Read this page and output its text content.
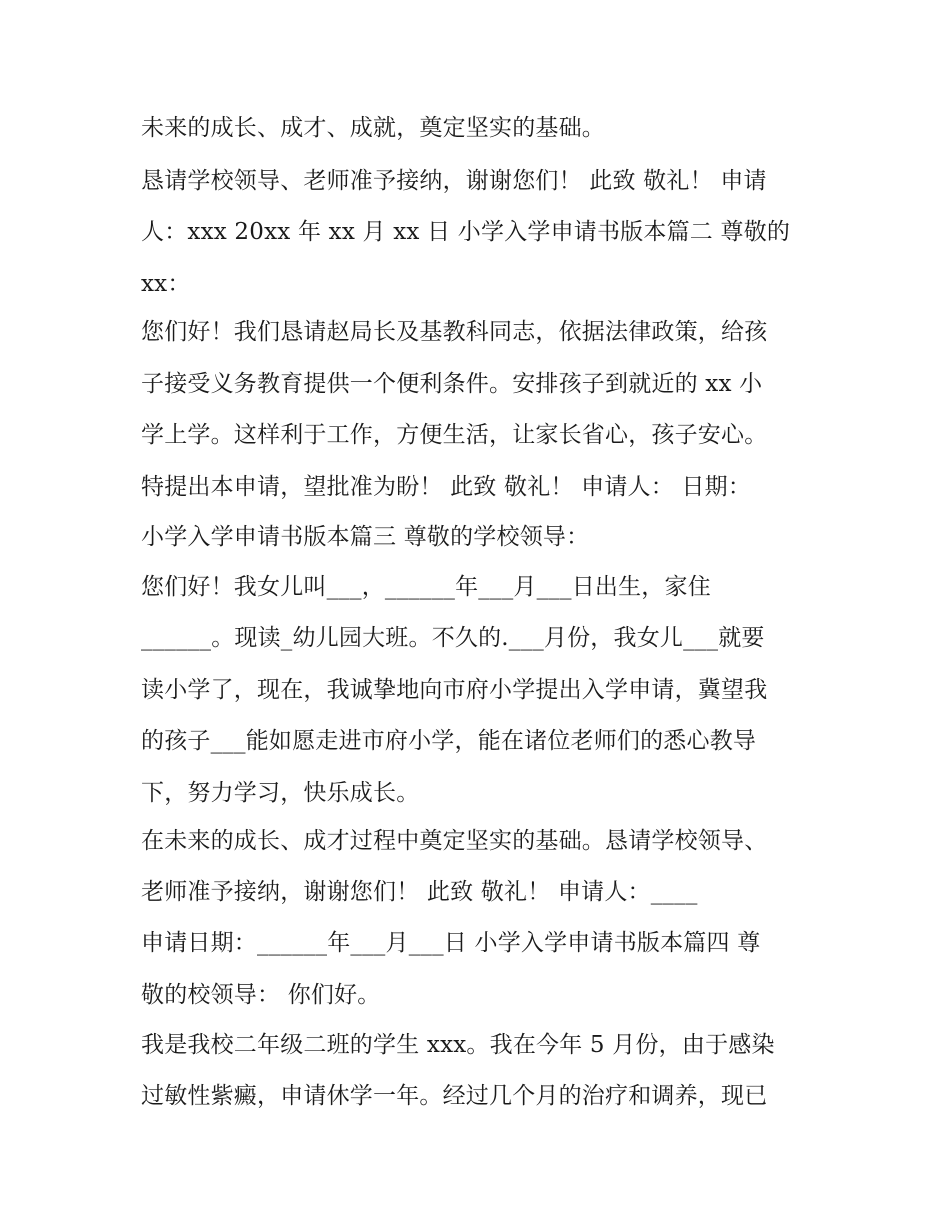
未来的成长、成才、成就，奠定坚实的基础。
恳请学校领导、老师准予接纳，谢谢您们！ 此致 敬礼！ 申请
人：xxx 20xx 年 xx 月 xx 日 小学入学申请书版本篇二 尊敬的
xx：
您们好！我们恳请赵局长及基教科同志，依据法律政策，给孩
子接受义务教育提供一个便利条件。安排孩子到就近的 xx 小
学上学。这样利于工作，方便生活，让家长省心，孩子安心。
特提出本申请，望批准为盼！ 此致 敬礼！ 申请人： 日期：
小学入学申请书版本篇三 尊敬的学校领导：
您们好！我女儿叫___，______年___月___日出生，家住
______。现读_幼儿园大班。不久的.___月份，我女儿___就要
读小学了，现在，我诚挚地向市府小学提出入学申请，冀望我
的孩子___能如愿走进市府小学，能在诸位老师们的悉心教导
下，努力学习，快乐成长。
在未来的成长、成才过程中奠定坚实的基础。恳请学校领导、
老师准予接纳，谢谢您们！ 此致 敬礼！ 申请人：____
申请日期：______年___月___日 小学入学申请书版本篇四 尊
敬的校领导： 你们好。
我是我校二年级二班的学生 xxx。我在今年 5 月份，由于感染
过敏性紫癜，申请休学一年。经过几个月的治疗和调养，现已
